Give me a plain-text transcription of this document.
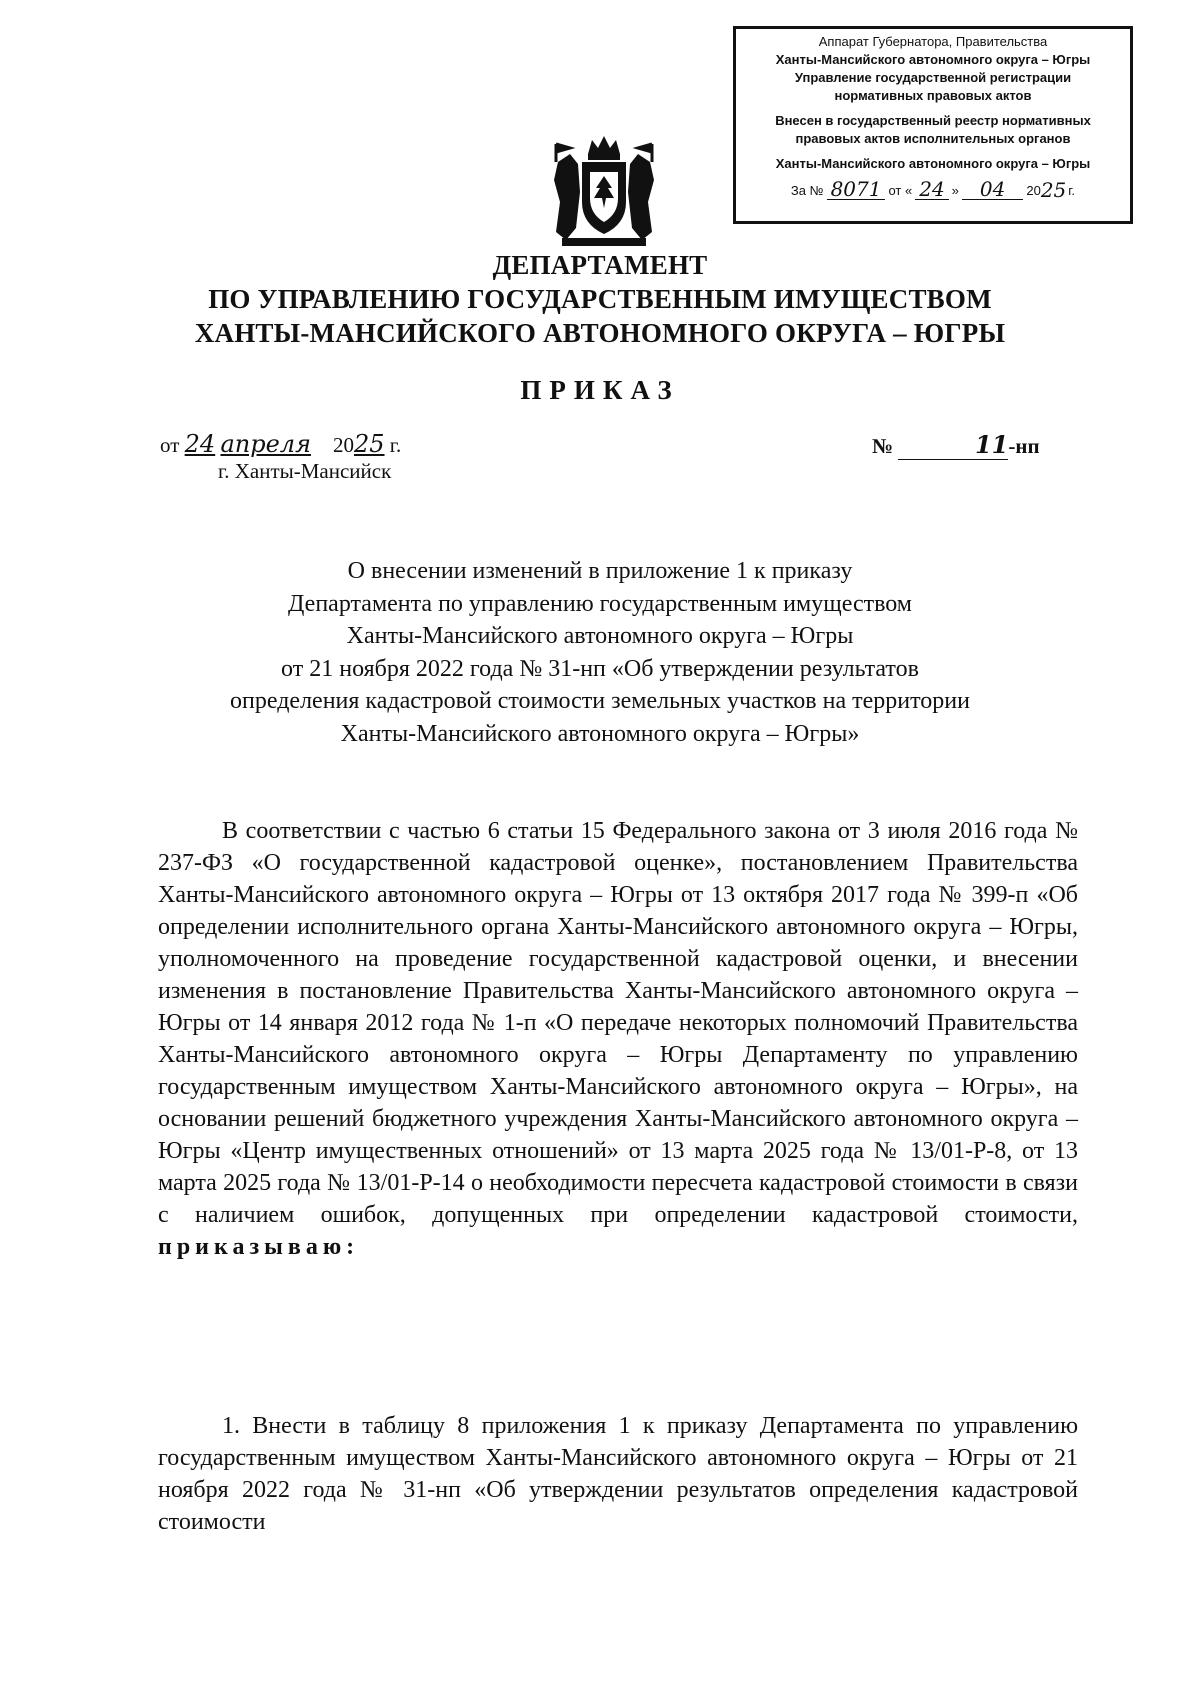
Аппарат Губернатора, Правительства
Ханты-Мансийского автономного округа – Югры
Управление государственной регистрации
нормативных правовых актов
Внесен в государственный реестр нормативных
правовых актов исполнительных органов
Ханты-Мансийского автономного округа – Югры
За № 8071 от « 24 »	04	20 25 г.
ДЕПАРТАМЕНТ
ПО УПРАВЛЕНИЮ ГОСУДАРСТВЕННЫМ ИМУЩЕСТВОМ
ХАНТЫ-МАНСИЙСКОГО АВТОНОМНОГО ОКРУГА – ЮГРЫ
ПРИКАЗ
от 24 апреля 2025 г.
г. Ханты-Мансийск
№	11-нп
О внесении изменений в приложение 1 к приказу
Департамента по управлению государственным имуществом
Ханты-Мансийского автономного округа – Югры
от 21 ноября 2022 года № 31-нп «Об утверждении результатов
определения кадастровой стоимости земельных участков на территории
Ханты-Мансийского автономного округа – Югры»
В соответствии с частью 6 статьи 15 Федерального закона от 3 июля 2016 года № 237-ФЗ «О государственной кадастровой оценке», постановлением Правительства Ханты-Мансийского автономного округа – Югры от 13 октября 2017 года № 399-п «Об определении исполнительного органа Ханты-Мансийского автономного округа – Югры, уполномоченного на проведение государственной кадастровой оценки, и внесении изменения в постановление Правительства Ханты-Мансийского автономного округа – Югры от 14 января 2012 года № 1-п «О передаче некоторых полномочий Правительства Ханты-Мансийского автономного округа – Югры Департаменту по управлению государственным имуществом Ханты-Мансийского автономного округа – Югры», на основании решений бюджетного учреждения Ханты-Мансийского автономного округа – Югры «Центр имущественных отношений» от 13 марта 2025 года № 13/01-Р-8, от 13 марта 2025 года № 13/01-Р-14 о необходимости пересчета кадастровой стоимости в связи с наличием ошибок, допущенных при определении кадастровой стоимости, приказываю:
1. Внести в таблицу 8 приложения 1 к приказу Департамента по управлению государственным имуществом Ханты-Мансийского автономного округа – Югры от 21 ноября 2022 года № 31-нп «Об утверждении результатов определения кадастровой стоимости
